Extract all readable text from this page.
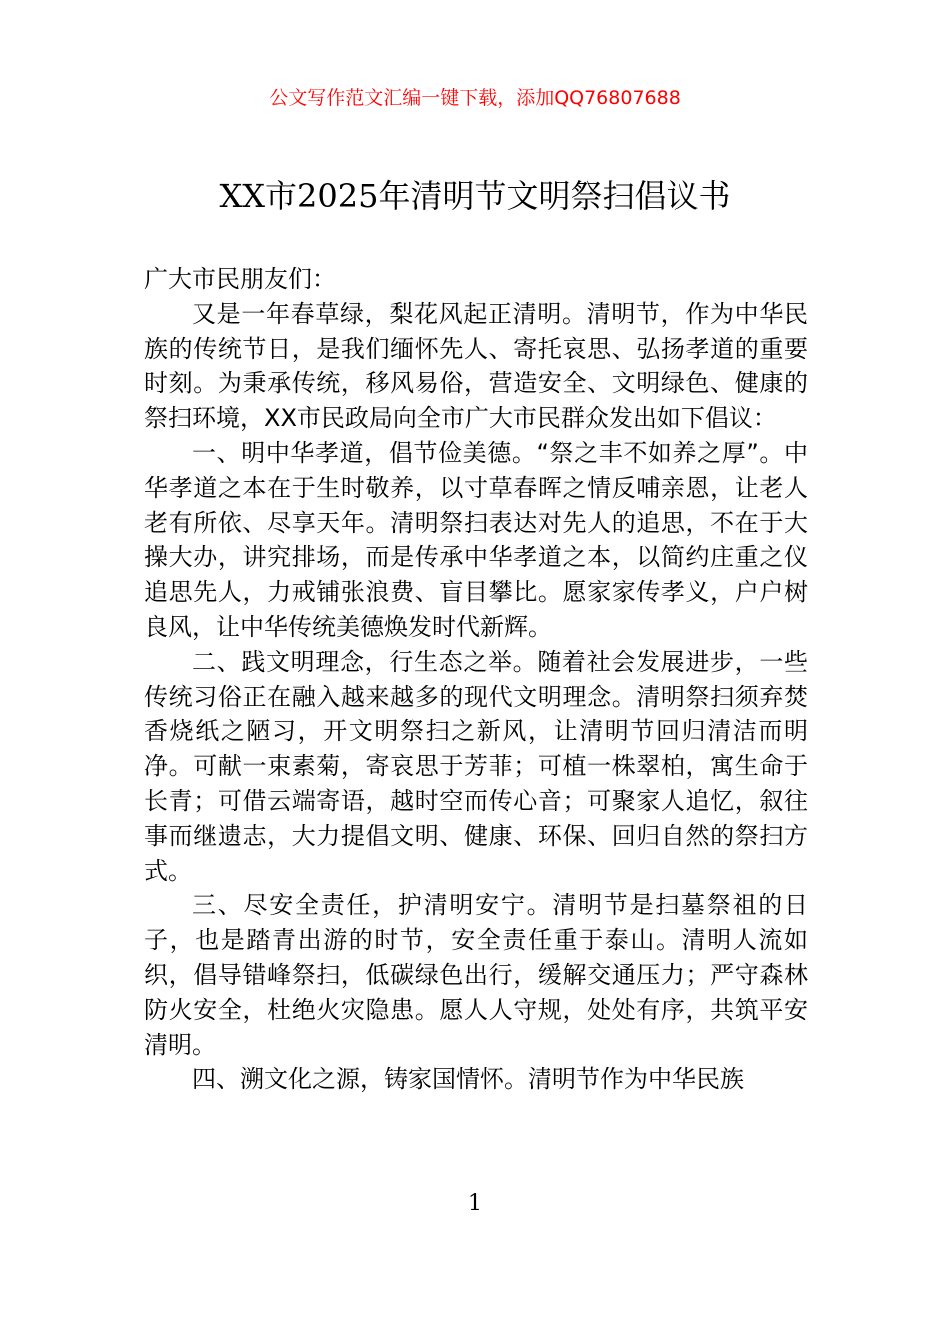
公文写作范文汇编一键下载，添加QQ76807688
XX市2025年清明节文明祭扫倡议书

广大市民朋友们：

又是一年春草绿，梨花风起正清明。清明节，作为中华民族的传统节日，是我们缅怀先人、寄托哀思、弘扬孝道的重要时刻。为秉承传统，移风易俗，营造安全、文明绿色、健康的祭扫环境，XX市民政局向全市广大市民群众发出如下倡议：

一、明中华孝道，倡节俭美德。“祭之丰不如养之厚”。中华孝道之本在于生时敬养，以寸草春晖之情反哺亲恩，让老人老有所依、尽享天年。清明祭扫表达对先人的追思，不在于大操大办，讲究排场，而是传承中华孝道之本，以简约庄重之仪追思先人，力戒铺张浪费、盲目攀比。愿家家传孝义，户户树良风，让中华传统美德焕发时代新辉。

二、践文明理念，行生态之举。随着社会发展进步，一些传统习俗正在融入越来越多的现代文明理念。清明祭扫须弃焚香烧纸之陋习，开文明祭扫之新风，让清明节回归清洁而明净。可献一束素菊，寄哀思于芳菲；可植一株翠柏，寓生命于长青；可借云端寄语，越时空而传心音；可聚家人追忆，叙往事而继遗志，大力提倡文明、健康、环保、回归自然的祭扫方式。

三、尽安全责任，护清明安宁。清明节是扫墓祭祖的日子，也是踏青出游的时节，安全责任重于泰山。清明人流如织，倡导错峰祭扫，低碳绿色出行，缓解交通压力；严守森林防火安全，杜绝火灾隐患。愿人人守规，处处有序，共筑平安清明。

四、溯文化之源，铸家国情怀。清明节作为中华民族

1
